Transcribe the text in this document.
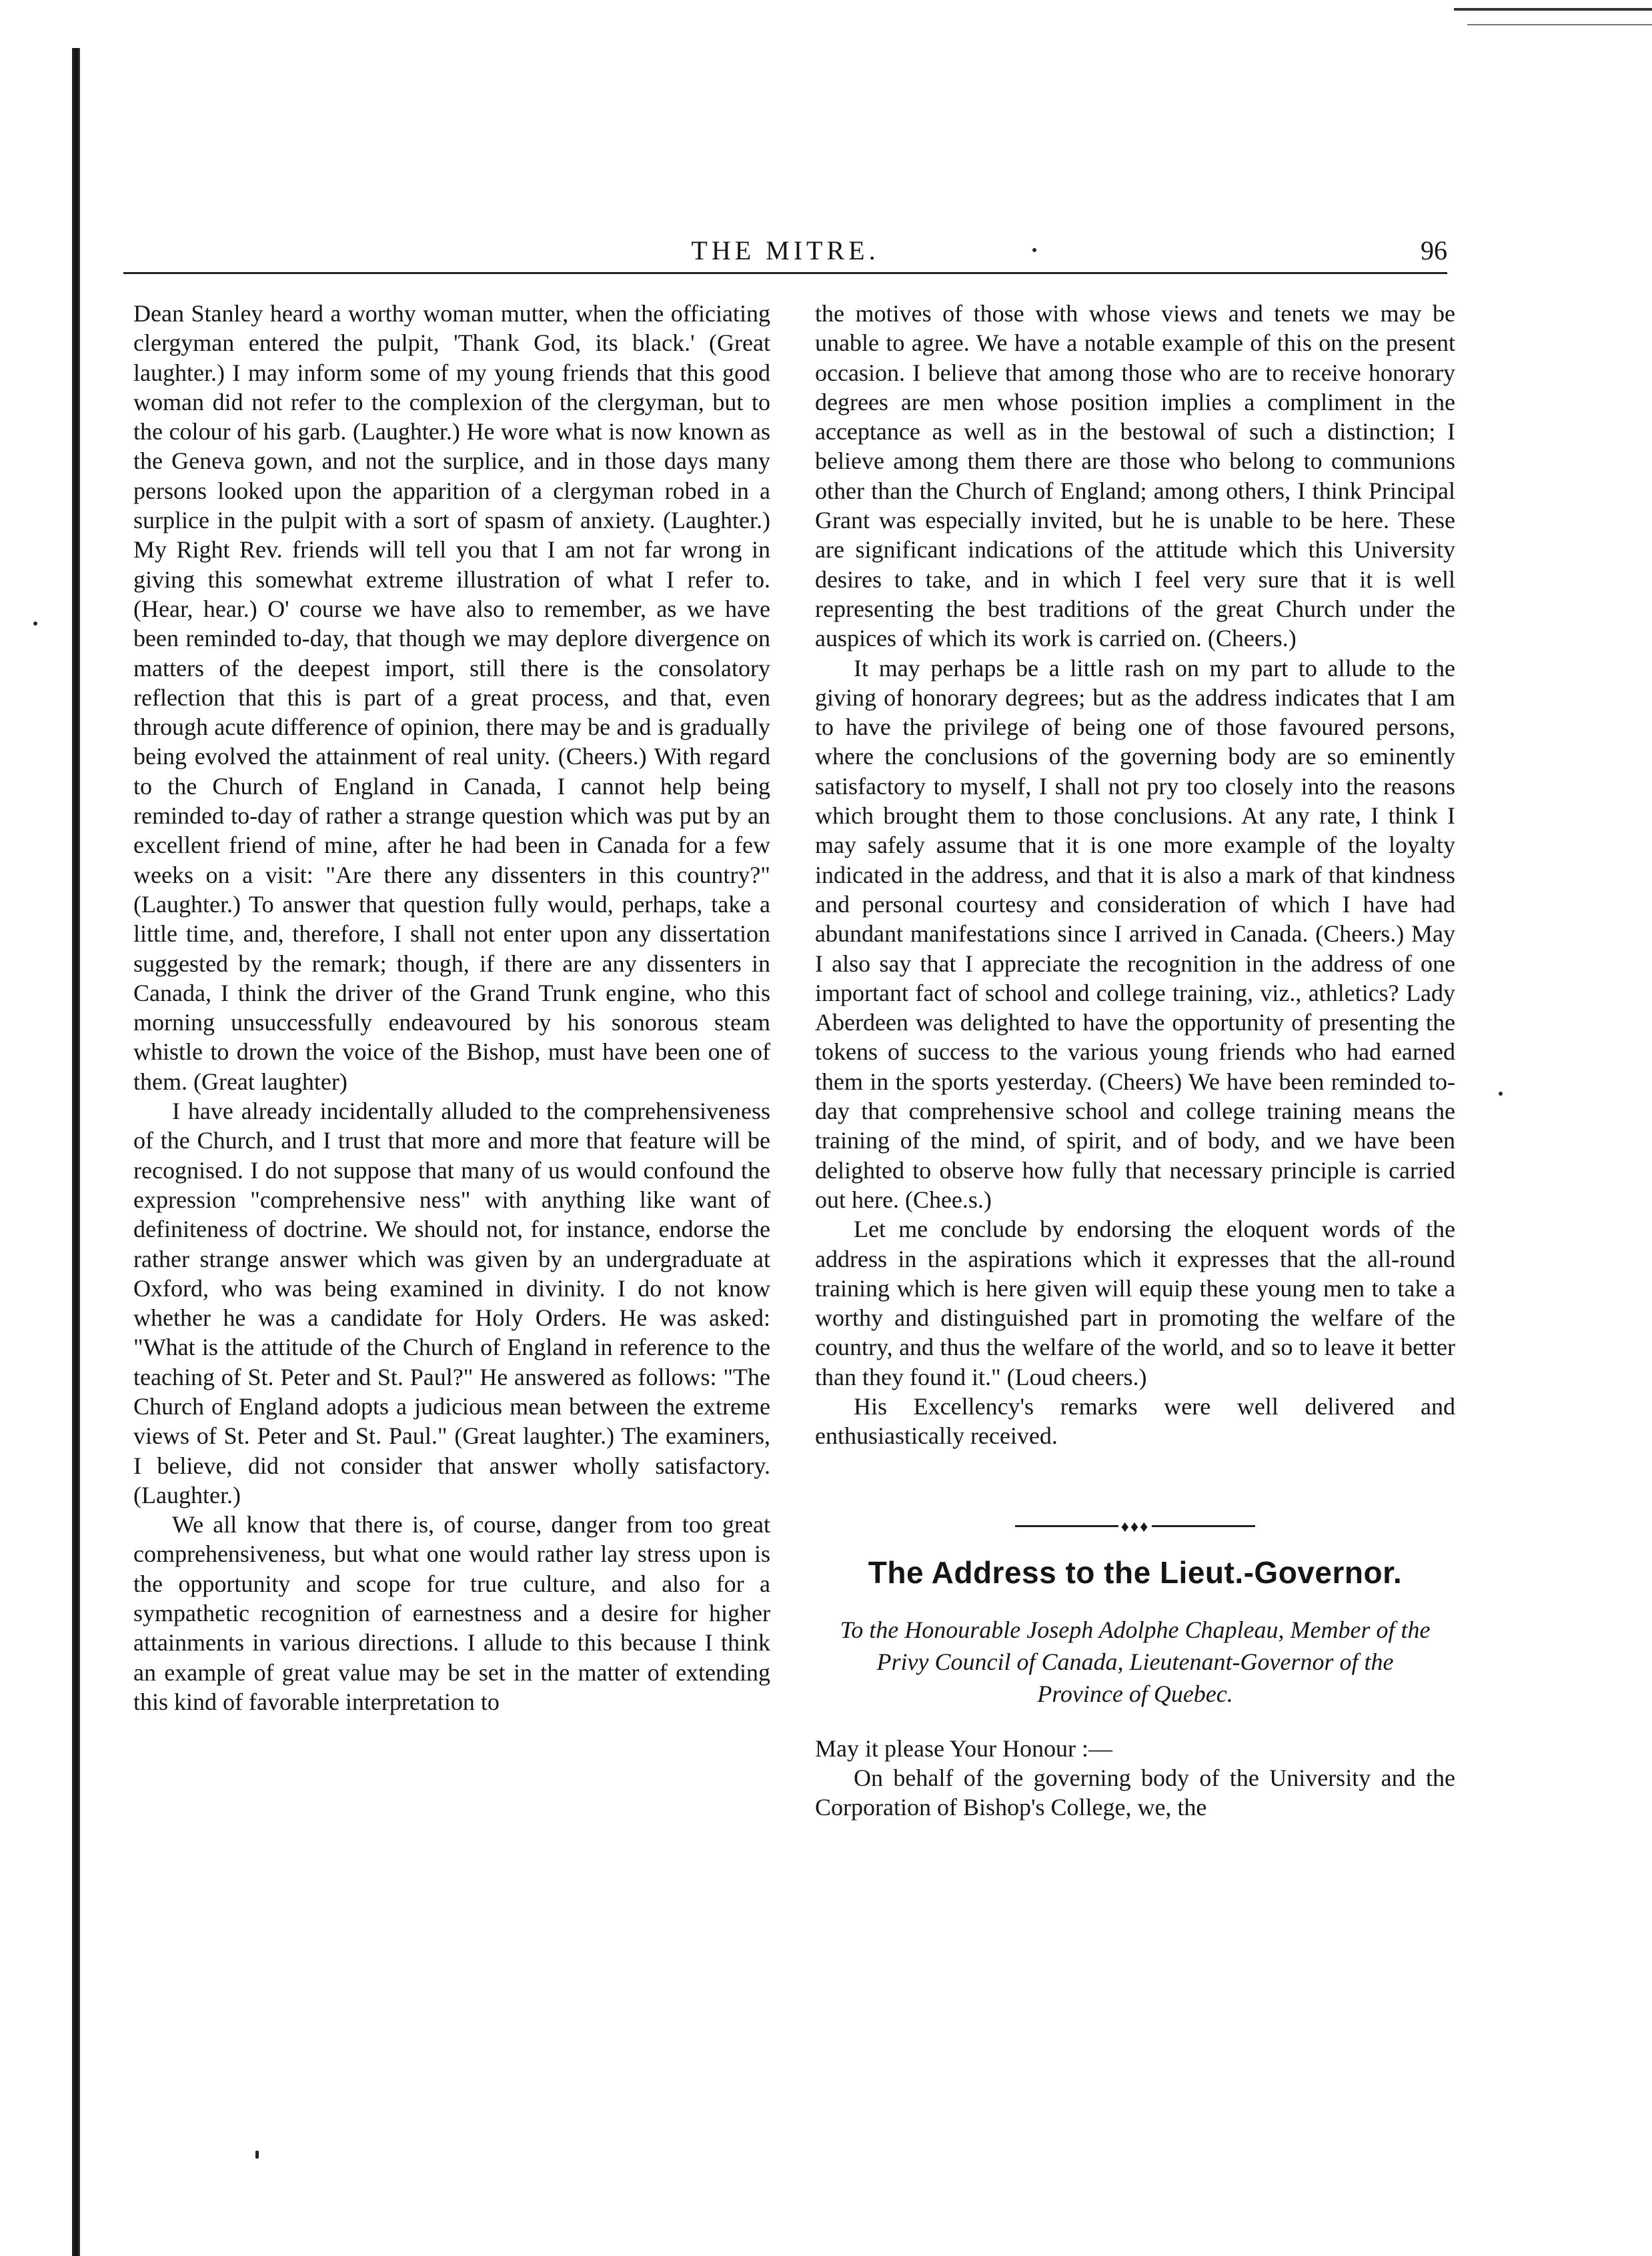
THE MITRE.	96

Dean Stanley heard a worthy woman mutter, when the officiating clergyman entered the pulpit, 'Thank God, its black.' (Great laughter.) I may inform some of my young friends that this good woman did not refer to the complexion of the clergyman, but to the colour of his garb. (Laughter.) He wore what is now known as the Geneva gown, and not the surplice, and in those days many persons looked upon the apparition of a clergyman robed in a surplice in the pulpit with a sort of spasm of anxiety. (Laughter.) My Right Rev. friends will tell you that I am not far wrong in giving this somewhat extreme illustration of what I refer to. (Hear, hear.) O' course we have also to remember, as we have been reminded to-day, that though we may deplore divergence on matters of the deepest import, still there is the consolatory reflection that this is part of a great process, and that, even through acute difference of opinion, there may be and is gradually being evolved the attainment of real unity. (Cheers.) With regard to the Church of England in Canada, I cannot help being reminded to-day of rather a strange question which was put by an excellent friend of mine, after he had been in Canada for a few weeks on a visit: "Are there any dissenters in this country?" (Laughter.) To answer that question fully would, perhaps, take a little time, and, therefore, I shall not enter upon any dissertation suggested by the remark; though, if there are any dissenters in Canada, I think the driver of the Grand Trunk engine, who this morning unsuccessfully endeavoured by his sonorous steam whistle to drown the voice of the Bishop, must have been one of them. (Great laughter)

I have already incidentally alluded to the comprehensiveness of the Church, and I trust that more and more that feature will be recognised. I do not suppose that many of us would confound the expression "comprehensive ness" with anything like want of definiteness of doctrine. We should not, for instance, endorse the rather strange answer which was given by an undergraduate at Oxford, who was being examined in divinity. I do not know whether he was a candidate for Holy Orders. He was asked: "What is the attitude of the Church of England in reference to the teaching of St. Peter and St. Paul?" He answered as follows: "The Church of England adopts a judicious mean between the extreme views of St. Peter and St. Paul." (Great laughter.) The examiners, I believe, did not consider that answer wholly satisfactory. (Laughter.)

We all know that there is, of course, danger from too great comprehensiveness, but what one would rather lay stress upon is the opportunity and scope for true culture, and also for a sympathetic recognition of earnestness and a desire for higher attainments in various directions. I allude to this because I think an example of great value may be set in the matter of extending this kind of favorable interpretation to

the motives of those with whose views and tenets we may be unable to agree. We have a notable example of this on the present occasion. I believe that among those who are to receive honorary degrees are men whose position implies a compliment in the acceptance as well as in the bestowal of such a distinction; I believe among them there are those who belong to communions other than the Church of England; among others, I think Principal Grant was especially invited, but he is unable to be here. These are significant indications of the attitude which this University desires to take, and in which I feel very sure that it is well representing the best traditions of the great Church under the auspices of which its work is carried on. (Cheers.)

It may perhaps be a little rash on my part to allude to the giving of honorary degrees; but as the address indicates that I am to have the privilege of being one of those favoured persons, where the conclusions of the governing body are so eminently satisfactory to myself, I shall not pry too closely into the reasons which brought them to those conclusions. At any rate, I think I may safely assume that it is one more example of the loyalty indicated in the address, and that it is also a mark of that kindness and personal courtesy and consideration of which I have had abundant manifestations since I arrived in Canada. (Cheers.) May I also say that I appreciate the recognition in the address of one important fact of school and college training, viz., athletics? Lady Aberdeen was delighted to have the opportunity of presenting the tokens of success to the various young friends who had earned them in the sports yesterday. (Cheers) We have been reminded to-day that comprehensive school and college training means the training of the mind, of spirit, and of body, and we have been delighted to observe how fully that necessary principle is carried out here. (Chee.s.)

Let me conclude by endorsing the eloquent words of the address in the aspirations which it expresses that the all-round training which is here given will equip these young men to take a worthy and distinguished part in promoting the welfare of the country, and thus the welfare of the world, and so to leave it better than they found it." (Loud cheers.)

His Excellency's remarks were well delivered and enthusiastically received.

♦♦♦
The Address to the Lieut.-Governor.
To the Honourable Joseph Adolphe Chapleau, Member of the Privy Council of Canada, Lieutenant-Governor of the Province of Quebec.

May it please Your Honour :—

On behalf of the governing body of the University and the Corporation of Bishop's College, we, the
